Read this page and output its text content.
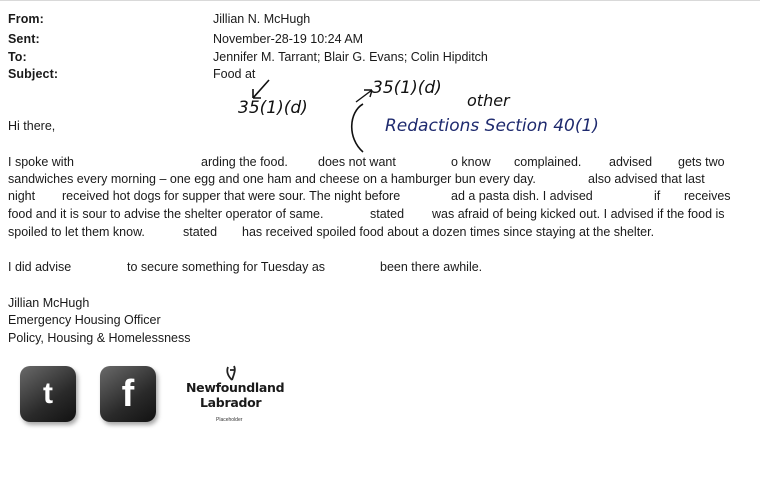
From:	Jillian N. McHugh
Sent:	November-28-19 10:24 AM
To:	Jennifer M. Tarrant; Blair G. Evans; Colin Hipditch
Subject:	Food at
35(1)(d)
35(1)(d)
other
Redactions Section 40(1)
Hi there,
I spoke with	arding the food. does not want	o know complained. advised gets two
sandwiches every morning – one egg and one ham and cheese on a hamburger bun every day.	also advised that last
night received hot dogs for supper that were sour. The night before	ad a pasta dish. I advised	if receives
food and it is sour to advise the shelter operator of same.	stated was afraid of being kicked out. I advised if the food is
spoiled to let them know.	stated has received spoiled food about a dozen times since staying at the shelter.
I did advise	to secure something for Tuesday as	been there awhile.
Jillian McHugh
Emergency Housing Officer
Policy, Housing & Homelessness
t	f	Newfoundland
Labrador
Placeholder
